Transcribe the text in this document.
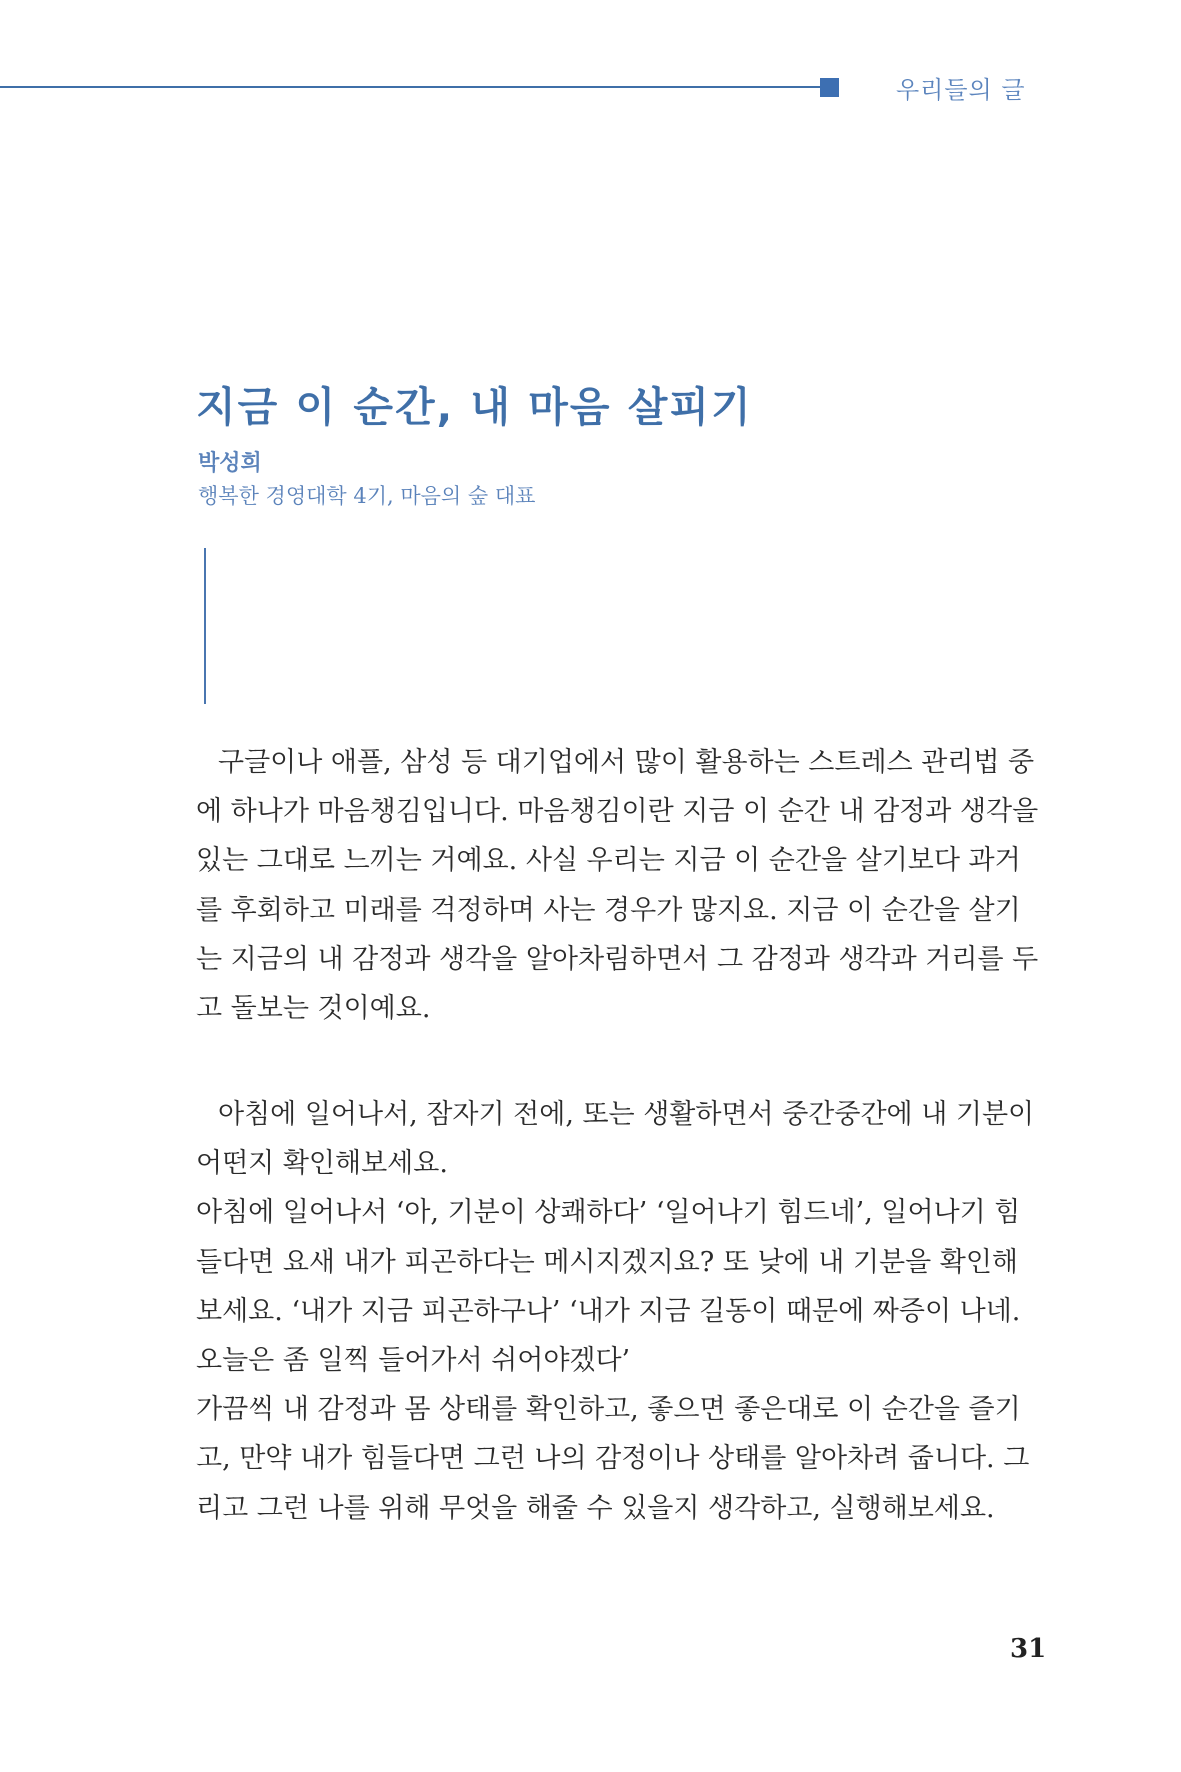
우리들의 글
지금 이 순간, 내 마음 살피기
박성희
행복한 경영대학 4기, 마음의 숲 대표

구글이나 애플, 삼성 등 대기업에서 많이 활용하는 스트레스 관리법 중에 하나가 마음챙김입니다. 마음챙김이란 지금 이 순간 내 감정과 생각을 있는 그대로 느끼는 거예요. 사실 우리는 지금 이 순간을 살기보다 과거를 후회하고 미래를 걱정하며 사는 경우가 많지요. 지금 이 순간을 살기는 지금의 내 감정과 생각을 알아차림하면서 그 감정과 생각과 거리를 두고 돌보는 것이예요.

아침에 일어나서, 잠자기 전에, 또는 생활하면서 중간중간에 내 기분이 어떤지 확인해보세요.

아침에 일어나서 ‘아, 기분이 상쾌하다’ ‘일어나기 힘드네’, 일어나기 힘들다면 요새 내가 피곤하다는 메시지겠지요? 또 낮에 내 기분을 확인해보세요. ‘내가 지금 피곤하구나’ ‘내가 지금 길동이 때문에 짜증이 나네. 오늘은 좀 일찍 들어가서 쉬어야겠다’

가끔씩 내 감정과 몸 상태를 확인하고, 좋으면 좋은대로 이 순간을 즐기고, 만약 내가 힘들다면 그런 나의 감정이나 상태를 알아차려 줍니다. 그리고 그런 나를 위해 무엇을 해줄 수 있을지 생각하고, 실행해보세요.

31
